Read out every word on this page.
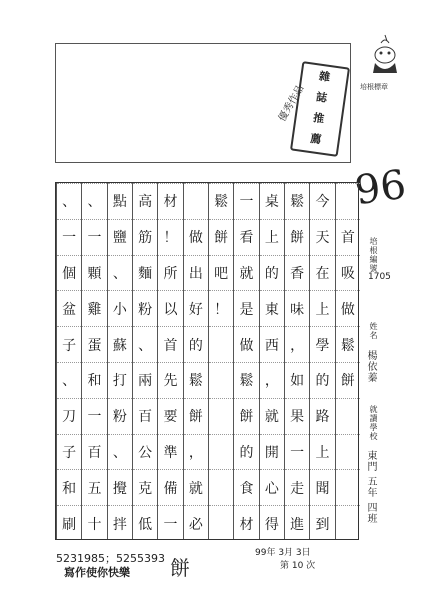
雜
誌
推
薦
優秀作品	培根標章
96
培根編號
1705
姓名
楊依蓁
就讀學校
東門 五年 四班
首
吸
做
鬆
餅
今
天
在
上
學
的
路
上
聞
到
鬆
餅
香
味
，
如
果
一
走
進
桌
上
的
東
西
，
就
開
心
得
一
看
就
是
做
鬆
餅
的
食
材
鬆
餅
吧
！
做
出
好
的
鬆
餅
，
就
必
材
！
所
以
首
先
要
準
備
一
高
筋
麵
粉
、
兩
百
公
克
低
點
鹽
、
小
蘇
打
粉
、
攪
拌
、
一
顆
雞
蛋
和
一
百
五
十
、
一
個
盆
子
、
刀
子
和
刷
99年 3月 3日
第 10 次
5231985；5255393
寫作使你快樂 餅
